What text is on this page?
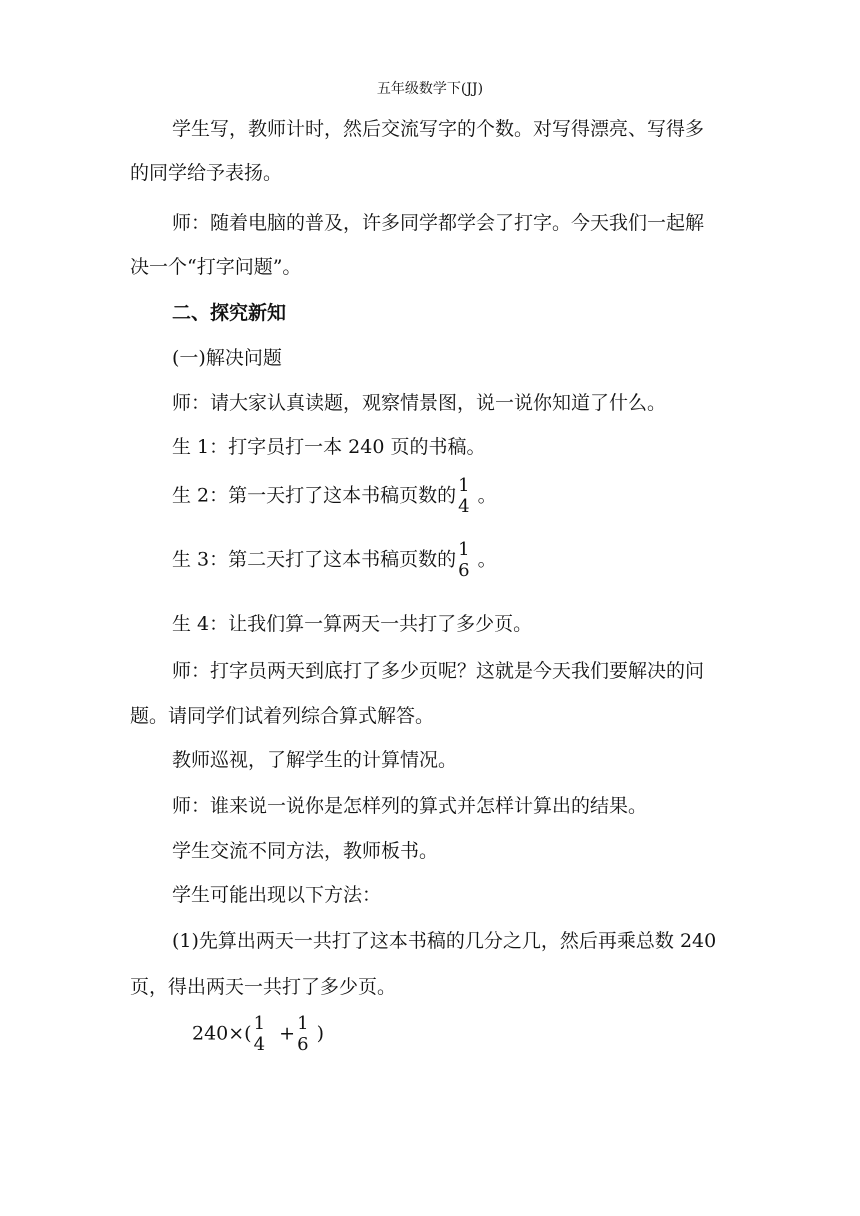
五年级数学下(JJ)
学生写，教师计时，然后交流写字的个数。对写得漂亮、写得多
的同学给予表扬。
师：随着电脑的普及，许多同学都学会了打字。今天我们一起解
决一个“打字问题”。
二、探究新知
(一)解决问题
师：请大家认真读题，观察情景图，说一说你知道了什么。
生 1：打字员打一本 240 页的书稿。
生 2：第一天打了这本书稿页数的 1
4 。
生 3：第二天打了这本书稿页数的 1
6 。
生 4：让我们算一算两天一共打了多少页。
师：打字员两天到底打了多少页呢？这就是今天我们要解决的问
题。请同学们试着列综合算式解答。
教师巡视，了解学生的计算情况。
师：谁来说一说你是怎样列的算式并怎样计算出的结果。
学生交流不同方法，教师板书。
学生可能出现以下方法：
(1)先算出两天一共打了这本书稿的几分之几，然后再乘总数 240
页，得出两天一共打了多少页。
240×( 1
4 + 1
6 )
